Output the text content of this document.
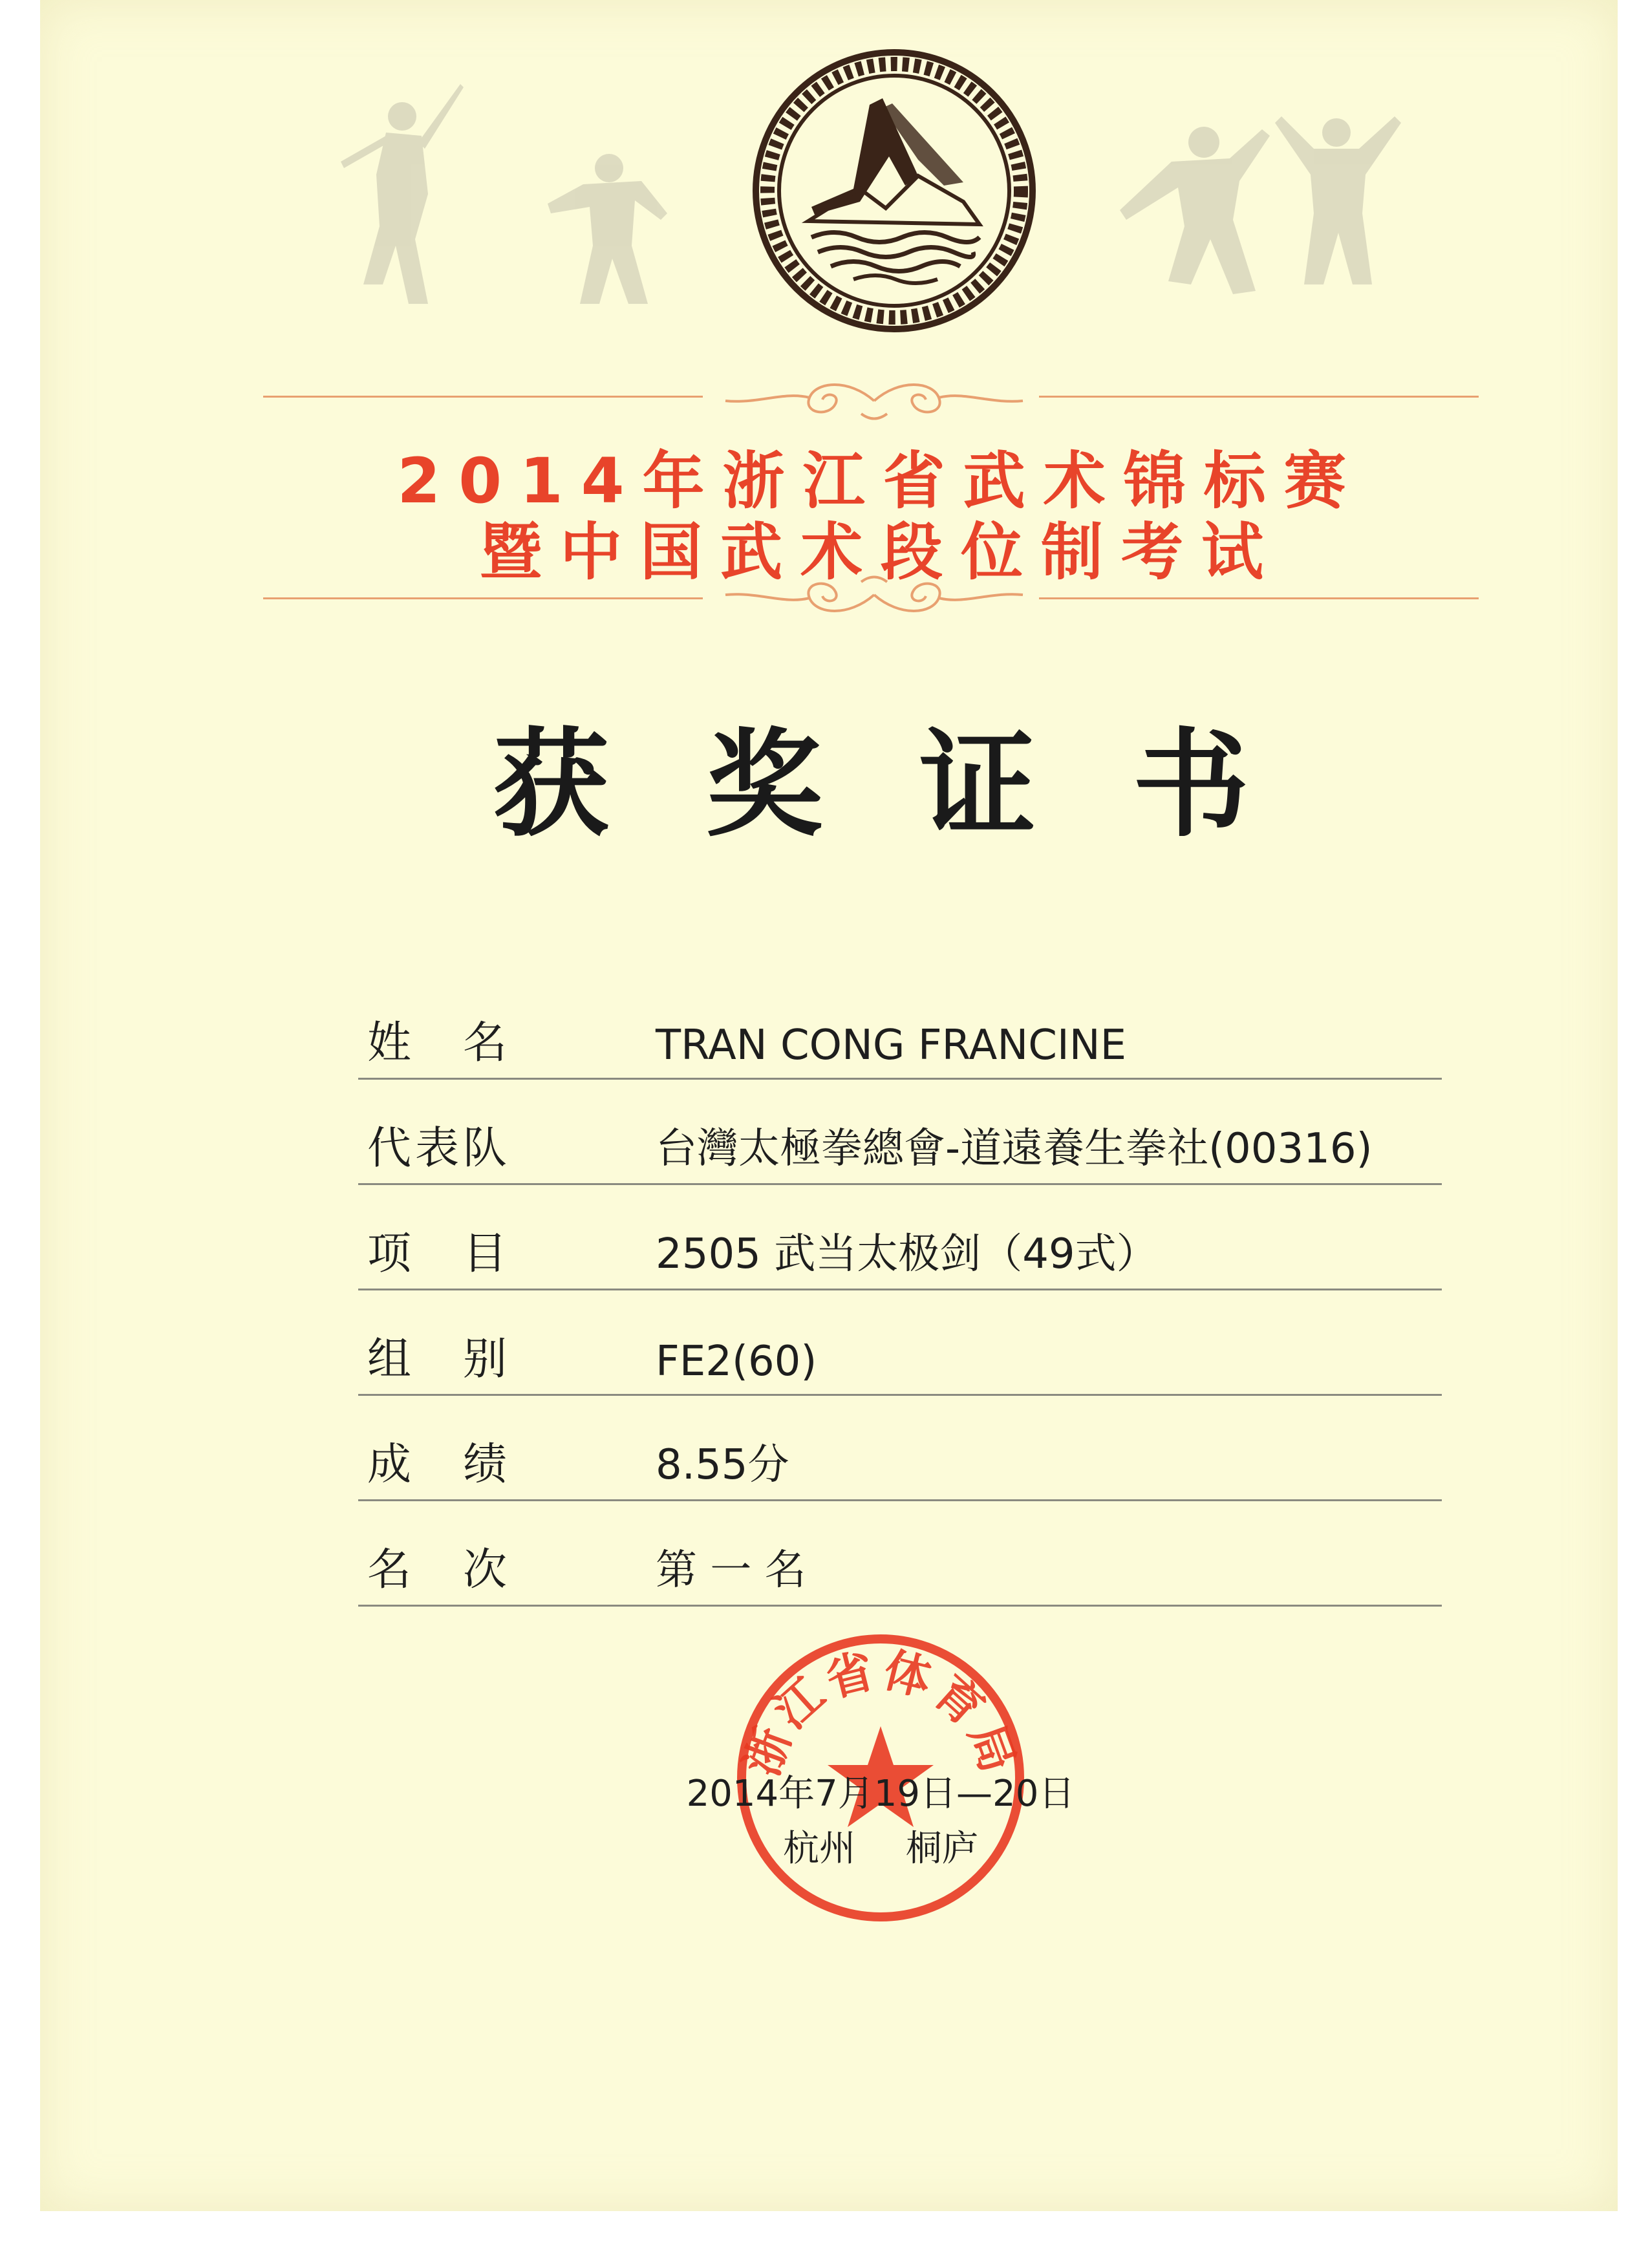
2014年浙江省武术锦标赛
暨中国武术段位制考试
获奖证书
姓　名	TRAN CONG FRANCINE
代表队	台灣太極拳總會-道遠養生拳社(00316)
项　目	2505 武当太极剑（49式）
组　别	FE2(60)
成　绩	8.55分
名　次	第 一 名
浙江省体育局
2014年7月19日—20日
杭州 桐庐
